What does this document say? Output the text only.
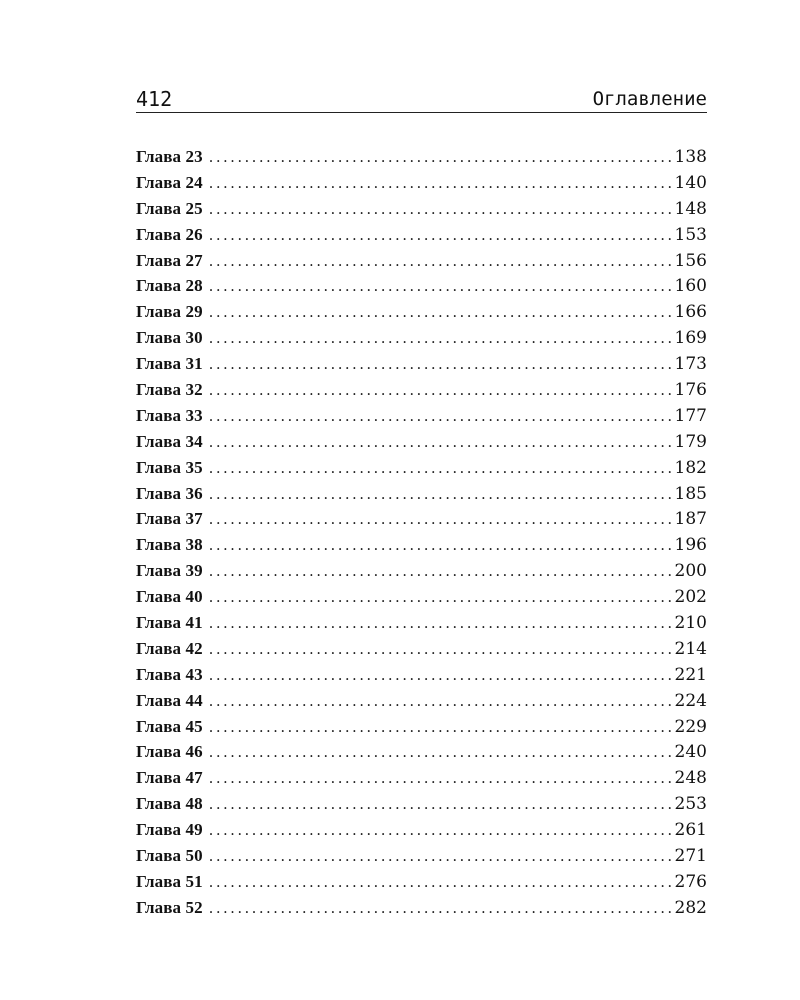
412	Оглавление
Глава 23 .....	138
Глава 24 .....	140
Глава 25 .....	148
Глава 26 .....	153
Глава 27 .....	156
Глава 28 .....	160
Глава 29 .....	166
Глава 30 .....	169
Глава 31 .....	173
Глава 32 .....	176
Глава 33 .....	177
Глава 34 .....	179
Глава 35 .....	182
Глава 36 .....	185
Глава 37 .....	187
Глава 38 .....	196
Глава 39 .....	200
Глава 40 .....	202
Глава 41 .....	210
Глава 42 .....	214
Глава 43 .....	221
Глава 44 .....	224
Глава 45 .....	229
Глава 46 .....	240
Глава 47 .....	248
Глава 48 .....	253
Глава 49 .....	261
Глава 50 .....	271
Глава 51 .....	276
Глава 52 .....	282
